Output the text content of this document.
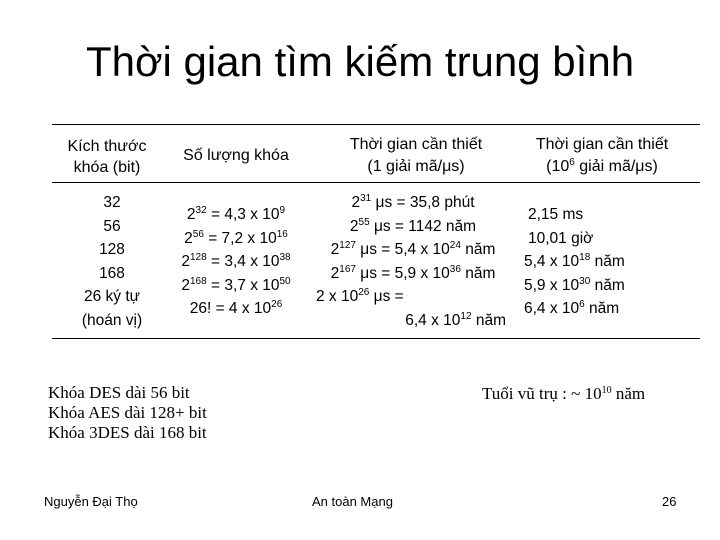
Thời gian tìm kiếm trung bình
Kích thước
khóa (bit)
Số lượng khóa
Thời gian cần thiết
(1 giải mã/μs)
Thời gian cần thiết
($10^6$ giải mã/μs)
32
56
128
168
26 ký tự
(hoán vị)
$2^{32} = 4,3$ x $10^9$
$2^{56} = 7,2$ x $10^{16}$
$2^{128} = 3,4$ x $10^{38}$
$2^{168} = 3,7$ x $10^{50}$
26! = 4 x $10^{26}$
$2^{31}$ μs = 35,8 phút
$2^{55}$ μs = 1142 năm
$2^{127}$ μs = 5,4 x $10^{24}$ năm
$2^{167}$ μs = 5,9 x $10^{36}$ năm
2 x $10^{26}$ μs =
6,4 x $10^{12}$ năm
2,15 ms
10,01 giờ
5,4 x $10^{18}$ năm
5,9 x $10^{30}$ năm
6,4 x $10^6$ năm
Khóa DES dài 56 bit
Khóa AES dài 128+ bit
Khóa 3DES dài 168 bit
Tuổi vũ trụ : ~ $10^{10}$ năm
Nguyễn Đại Thọ	An toàn Mạng	26
